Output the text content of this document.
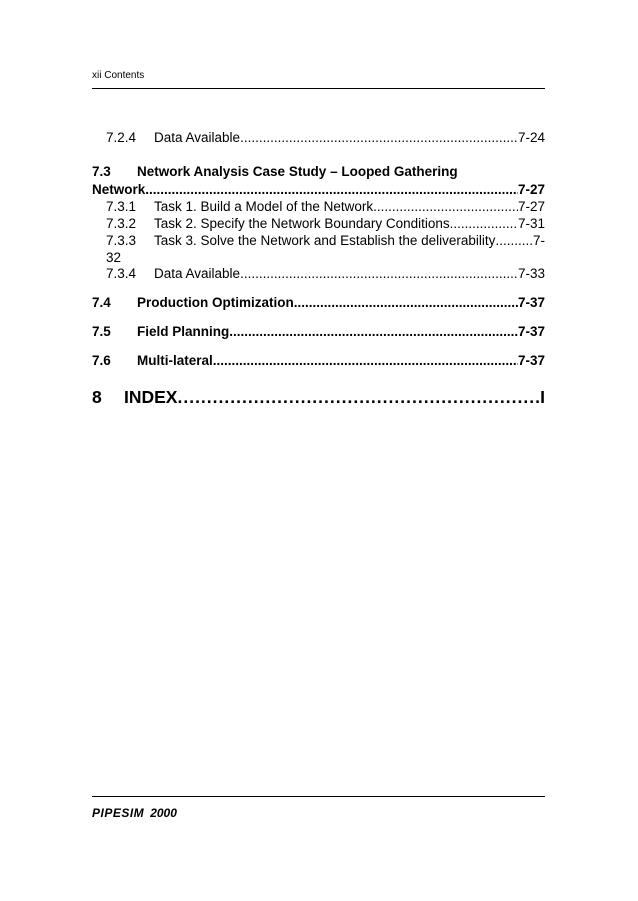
xii Contents
7.2.4	Data Available .....	7-24
7.3 Network Analysis Case Study – Looped Gathering
Network .....	7-27
7.3.1	Task 1. Build a Model of the Network .....	7-27
7.3.2	Task 2. Specify the Network Boundary Conditions .....	7-31
7.3.3	Task 3. Solve the Network and Establish the deliverability .....	7-
32
7.3.4	Data Available .....	7-33
7.4	Production Optimization .....	7-37
7.5	Field Planning .....	7-37
7.6	Multi-lateral .....	7-37
8	INDEX .....	I
PIPESIM 2000
